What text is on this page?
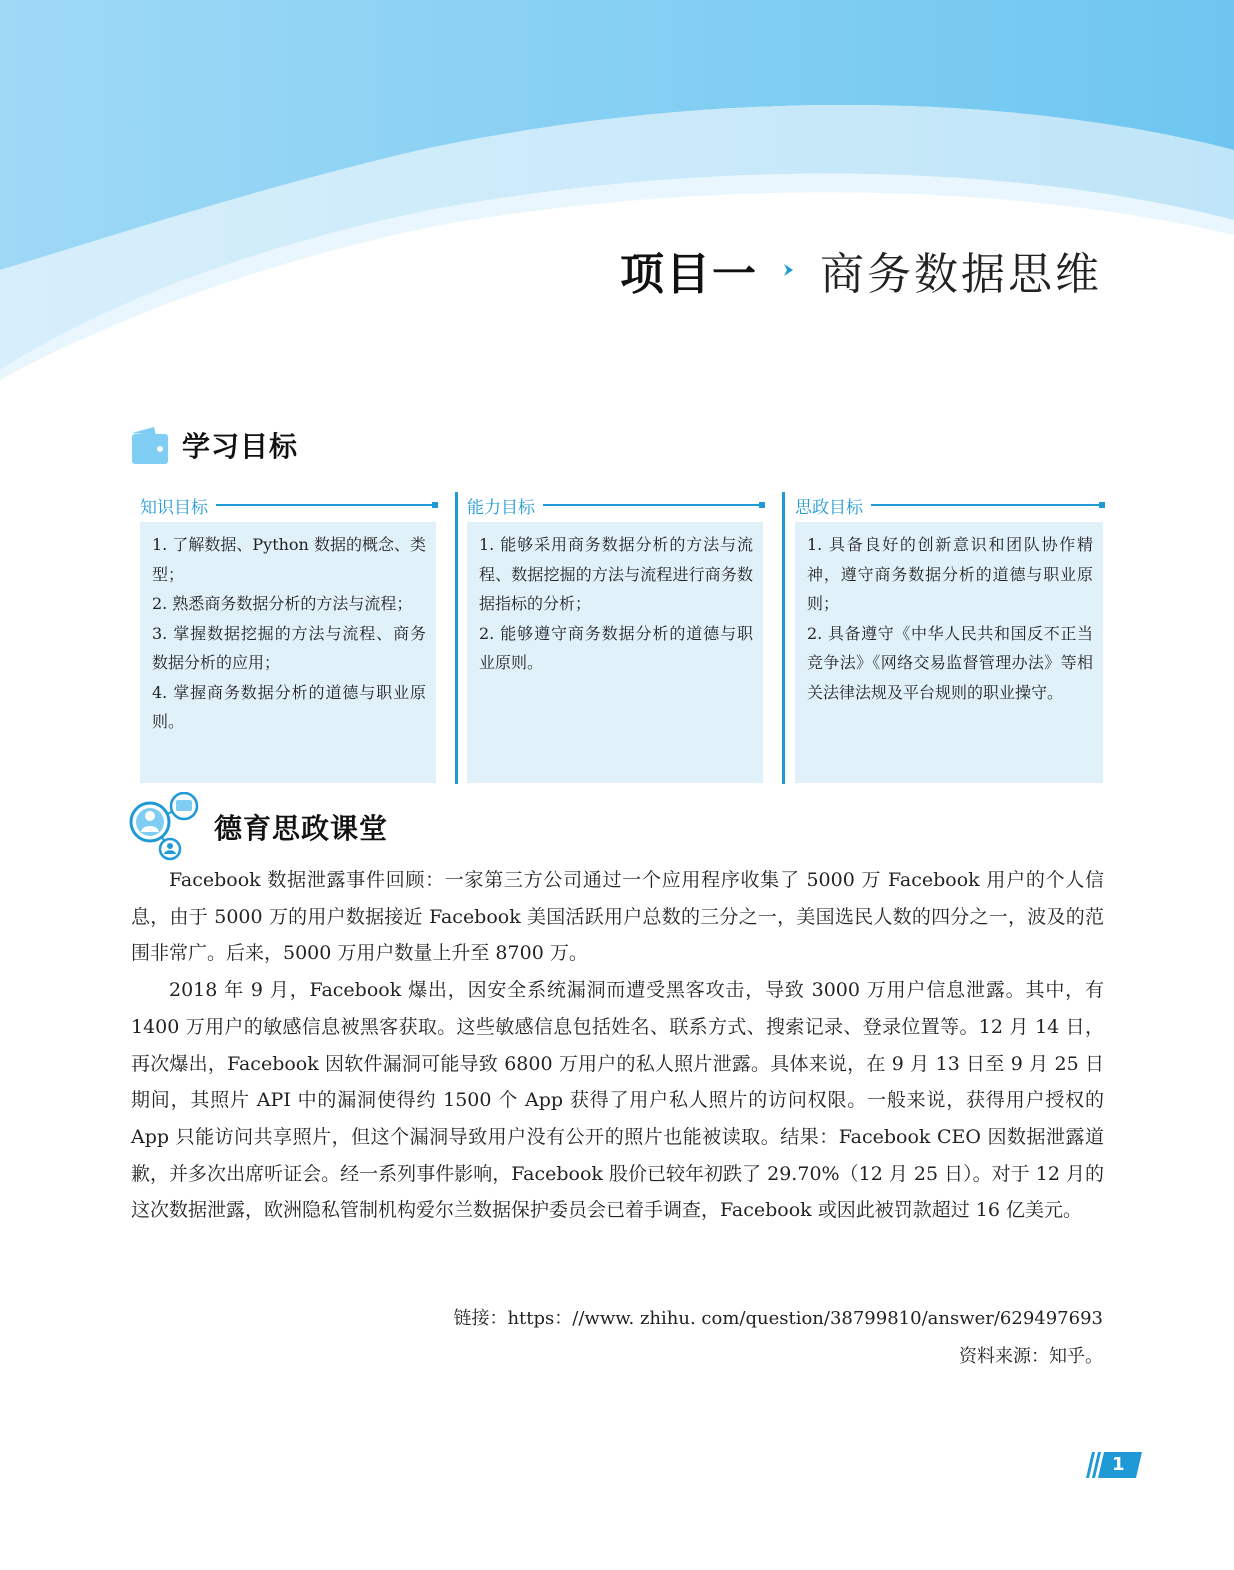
项目一 商务数据思维
学习目标
知识目标

1. 了解数据、Python 数据的概念、类型；

2. 熟悉商务数据分析的方法与流程；

3. 掌握数据挖掘的方法与流程、商务数据分析的应用；

4. 掌握商务数据分析的道德与职业原则。

能力目标

1. 能够采用商务数据分析的方法与流程、数据挖掘的方法与流程进行商务数据指标的分析；

2. 能够遵守商务数据分析的道德与职业原则。

思政目标

1. 具备良好的创新意识和团队协作精神，遵守商务数据分析的道德与职业原则；

2. 具备遵守《中华人民共和国反不正当竞争法》《网络交易监督管理办法》等相关法律法规及平台规则的职业操守。

德育思政课堂

Facebook 数据泄露事件回顾：一家第三方公司通过一个应用程序收集了 5000 万 Facebook 用户的个人信息，由于 5000 万的用户数据接近 Facebook 美国活跃用户总数的三分之一，美国选民人数的四分之一，波及的范围非常广。后来，5000 万用户数量上升至 8700 万。

2018 年 9 月，Facebook 爆出，因安全系统漏洞而遭受黑客攻击，导致 3000 万用户信息泄露。其中，有 1400 万用户的敏感信息被黑客获取。这些敏感信息包括姓名、联系方式、搜索记录、登录位置等。12 月 14 日，再次爆出，Facebook 因软件漏洞可能导致 6800 万用户的私人照片泄露。具体来说，在 9 月 13 日至 9 月 25 日期间，其照片 API 中的漏洞使得约 1500 个 App 获得了用户私人照片的访问权限。一般来说，获得用户授权的 App 只能访问共享照片，但这个漏洞导致用户没有公开的照片也能被读取。结果：Facebook CEO 因数据泄露道歉，并多次出席听证会。经一系列事件影响，Facebook 股价已较年初跌了 29.70%（12 月 25 日）。对于 12 月的这次数据泄露，欧洲隐私管制机构爱尔兰数据保护委员会已着手调查，Facebook 或因此被罚款超过 16 亿美元。

链接：https：//www. zhihu. com/question/38799810/answer/629497693
资料来源：知乎。
1
